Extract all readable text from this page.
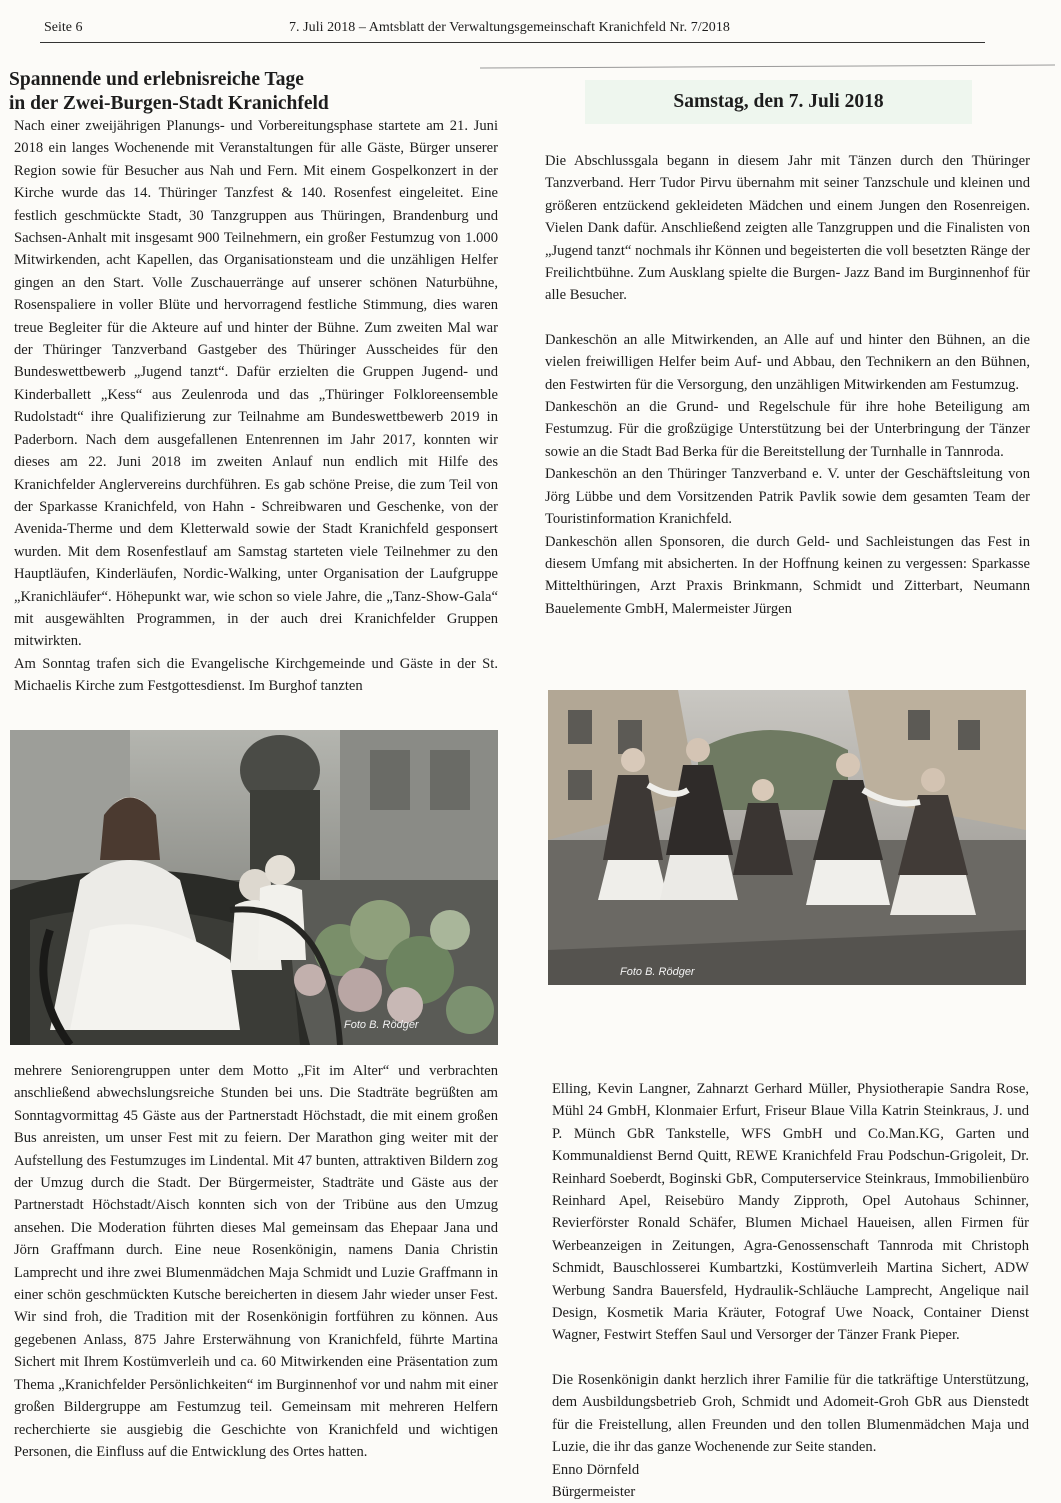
Seite 6	7. Juli 2018 – Amtsblatt der Verwaltungsgemeinschaft Kranichfeld Nr. 7/2018
Spannende und erlebnisreiche Tage
in der Zwei-Burgen-Stadt Kranichfeld

Nach einer zweijährigen Planungs- und Vorbereitungsphase startete am 21. Juni 2018 ein langes Wochenende mit Veranstaltungen für alle Gäste, Bürger unserer Region sowie für Besucher aus Nah und Fern. Mit einem Gospelkonzert in der Kirche wurde das 14. Thüringer Tanzfest & 140. Rosenfest eingeleitet. Eine festlich geschmückte Stadt, 30 Tanzgruppen aus Thüringen, Brandenburg und Sachsen-Anhalt mit insgesamt 900 Teilnehmern, ein großer Festumzug von 1.000 Mitwirkenden, acht Kapellen, das Organisationsteam und die unzähligen Helfer gingen an den Start. Volle Zuschauerränge auf unserer schönen Naturbühne, Rosenspaliere in voller Blüte und hervorragend festliche Stimmung, dies waren treue Begleiter für die Akteure auf und hinter der Bühne. Zum zweiten Mal war der Thüringer Tanzverband Gastgeber des Thüringer Ausscheides für den Bundeswettbewerb „Jugend tanzt“. Dafür erzielten die Gruppen Jugend- und Kinderballett „Kess“ aus Zeulenroda und das „Thüringer Folkloreensemble Rudolstadt“ ihre Qualifizierung zur Teilnahme am Bundeswettbewerb 2019 in Paderborn. Nach dem ausgefallenen Entenrennen im Jahr 2017, konnten wir dieses am 22. Juni 2018 im zweiten Anlauf nun endlich mit Hilfe des Kranichfelder Anglervereins durchführen. Es gab schöne Preise, die zum Teil von der Sparkasse Kranichfeld, von Hahn - Schreibwaren und Geschenke, von der Avenida-Therme und dem Kletterwald sowie der Stadt Kranichfeld gesponsert wurden. Mit dem Rosenfestlauf am Samstag starteten viele Teilnehmer zu den Hauptläufen, Kinderläufen, Nordic-Walking, unter Organisation der Laufgruppe „Kranichläufer“. Höhepunkt war, wie schon so viele Jahre, die „Tanz-Show-Gala“ mit ausgewählten Programmen, in der auch drei Kranichfelder Gruppen mitwirkten.

Am Sonntag trafen sich die Evangelische Kirchgemeinde und Gäste in der St. Michaelis Kirche zum Festgottesdienst. Im Burghof tanzten

Foto B. Rödger

mehrere Seniorengruppen unter dem Motto „Fit im Alter“ und verbrachten anschließend abwechslungsreiche Stunden bei uns. Die Stadträte begrüßten am Sonntagvormittag 45 Gäste aus der Partnerstadt Höchstadt, die mit einem großen Bus anreisten, um unser Fest mit zu feiern. Der Marathon ging weiter mit der Aufstellung des Festumzuges im Lindental. Mit 47 bunten, attraktiven Bildern zog der Umzug durch die Stadt. Der Bürgermeister, Stadträte und Gäste aus der Partnerstadt Höchstadt/Aisch konnten sich von der Tribüne aus den Umzug ansehen. Die Moderation führten dieses Mal gemeinsam das Ehepaar Jana und Jörn Graffmann durch. Eine neue Rosenkönigin, namens Dania Christin Lamprecht und ihre zwei Blumenmädchen Maja Schmidt und Luzie Graffmann in einer schön geschmückten Kutsche bereicherten in diesem Jahr wieder unser Fest. Wir sind froh, die Tradition mit der Rosenkönigin fortführen zu können. Aus gegebenen Anlass, 875 Jahre Ersterwähnung von Kranichfeld, führte Martina Sichert mit Ihrem Kostümverleih und ca. 60 Mitwirkenden eine Präsentation zum Thema „Kranichfelder Persönlichkeiten“ im Burginnenhof vor und nahm mit einer großen Bildergruppe am Festumzug teil. Gemeinsam mit mehreren Helfern recherchierte sie ausgiebig die Geschichte von Kranichfeld und wichtigen Personen, die Einfluss auf die Entwicklung des Ortes hatten.

Samstag, den 7. Juli 2018

Die Abschlussgala begann in diesem Jahr mit Tänzen durch den Thüringer Tanzverband. Herr Tudor Pirvu übernahm mit seiner Tanzschule und kleinen und größeren entzückend gekleideten Mädchen und einem Jungen den Rosenreigen. Vielen Dank dafür. Anschließend zeigten alle Tanzgruppen und die Finalisten von „Jugend tanzt“ nochmals ihr Können und begeisterten die voll besetzten Ränge der Freilichtbühne. Zum Ausklang spielte die Burgen- Jazz Band im Burginnenhof für alle Besucher.

Dankeschön an alle Mitwirkenden, an Alle auf und hinter den Bühnen, an die vielen freiwilligen Helfer beim Auf- und Abbau, den Technikern an den Bühnen, den Festwirten für die Versorgung, den unzähligen Mitwirkenden am Festumzug.

Dankeschön an die Grund- und Regelschule für ihre hohe Beteiligung am Festumzug. Für die großzügige Unterstützung bei der Unterbringung der Tänzer sowie an die Stadt Bad Berka für die Bereitstellung der Turnhalle in Tannroda.

Dankeschön an den Thüringer Tanzverband e. V. unter der Geschäftsleitung von Jörg Lübbe und dem Vorsitzenden Patrik Pavlik sowie dem gesamten Team der Touristinformation Kranichfeld.

Dankeschön allen Sponsoren, die durch Geld- und Sachleistungen das Fest in diesem Umfang mit absicherten. In der Hoffnung keinen zu vergessen: Sparkasse Mittelthüringen, Arzt Praxis Brinkmann, Schmidt und Zitterbart, Neumann Bauelemente GmbH, Malermeister Jürgen

Foto B. Rödger

Elling, Kevin Langner, Zahnarzt Gerhard Müller, Physiotherapie Sandra Rose, Mühl 24 GmbH, Klonmaier Erfurt, Friseur Blaue Villa Katrin Steinkraus, J. und P. Münch GbR Tankstelle, WFS GmbH und Co.Man.KG, Garten und Kommunaldienst Bernd Quitt, REWE Kranichfeld Frau Podschun-Grigoleit, Dr. Reinhard Soeberdt, Boginski GbR, Computerservice Steinkraus, Immobilienbüro Reinhard Apel, Reisebüro Mandy Zipproth, Opel Autohaus Schinner, Revierförster Ronald Schäfer, Blumen Michael Haueisen, allen Firmen für Werbeanzeigen in Zeitungen, Agra-Genossenschaft Tannroda mit Christoph Schmidt, Bauschlosserei Kumbartzki, Kostümverleih Martina Sichert, ADW Werbung Sandra Bauersfeld, Hydraulik-Schläuche Lamprecht, Angelique nail Design, Kosmetik Maria Kräuter, Fotograf Uwe Noack, Container Dienst Wagner, Festwirt Steffen Saul und Versorger der Tänzer Frank Pieper.

Die Rosenkönigin dankt herzlich ihrer Familie für die tatkräftige Unterstützung, dem Ausbildungsbetrieb Groh, Schmidt und Adomeit-Groh GbR aus Dienstedt für die Freistellung, allen Freunden und den tollen Blumenmädchen Maja und Luzie, die ihr das ganze Wochenende zur Seite standen.

Enno Dörnfeld
Bürgermeister
